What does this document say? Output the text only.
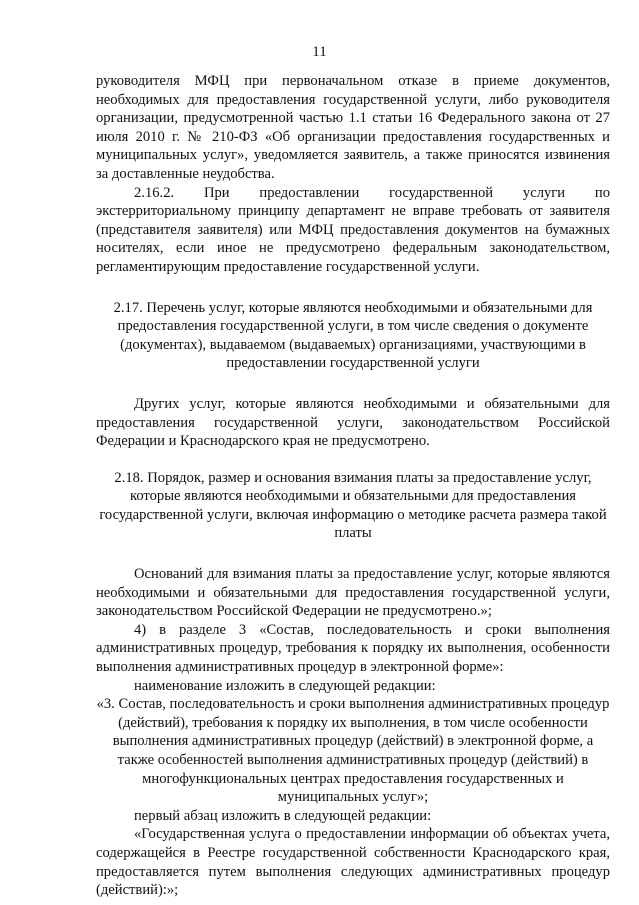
11

руководителя МФЦ при первоначальном отказе в приеме документов, необходимых для предоставления государственной услуги, либо руководителя организации, предусмотренной частью 1.1 статьи 16 Федерального закона от 27 июля 2010 г. № 210-ФЗ «Об организации предоставления государственных и муниципальных услуг», уведомляется заявитель, а также приносятся извинения за доставленные неудобства.

2.16.2. При предоставлении государственной услуги по экстерриториальному принципу департамент не вправе требовать от заявителя (представителя заявителя) или МФЦ предоставления документов на бумажных носителях, если иное не предусмотрено федеральным законодательством, регламентирующим предоставление государственной услуги.

2.17. Перечень услуг, которые являются необходимыми и обязательными для предоставления государственной услуги, в том числе сведения о документе (документах), выдаваемом (выдаваемых) организациями, участвующими в предоставлении государственной услуги

Других услуг, которые являются необходимыми и обязательными для предоставления государственной услуги, законодательством Российской Федерации и Краснодарского края не предусмотрено.

2.18. Порядок, размер и основания взимания платы за предоставление услуг, которые являются необходимыми и обязательными для предоставления государственной услуги, включая информацию о методике расчета размера такой платы

Оснований для взимания платы за предоставление услуг, которые являются необходимыми и обязательными для предоставления государственной услуги, законодательством Российской Федерации не предусмотрено.»;

4) в разделе 3 «Состав, последовательность и сроки выполнения административных процедур, требования к порядку их выполнения, особенности выполнения административных процедур в электронной форме»:

наименование изложить в следующей редакции:

«3. Состав, последовательность и сроки выполнения административных процедур (действий), требования к порядку их выполнения, в том числе особенности выполнения административных процедур (действий) в электронной форме, а также особенностей выполнения административных процедур (действий) в многофункциональных центрах предоставления государственных и муниципальных услуг»;

первый абзац изложить в следующей редакции:

«Государственная услуга о предоставлении информации об объектах учета, содержащейся в Реестре государственной собственности Краснодарского края, предоставляется путем выполнения следующих административных процедур (действий):»;
